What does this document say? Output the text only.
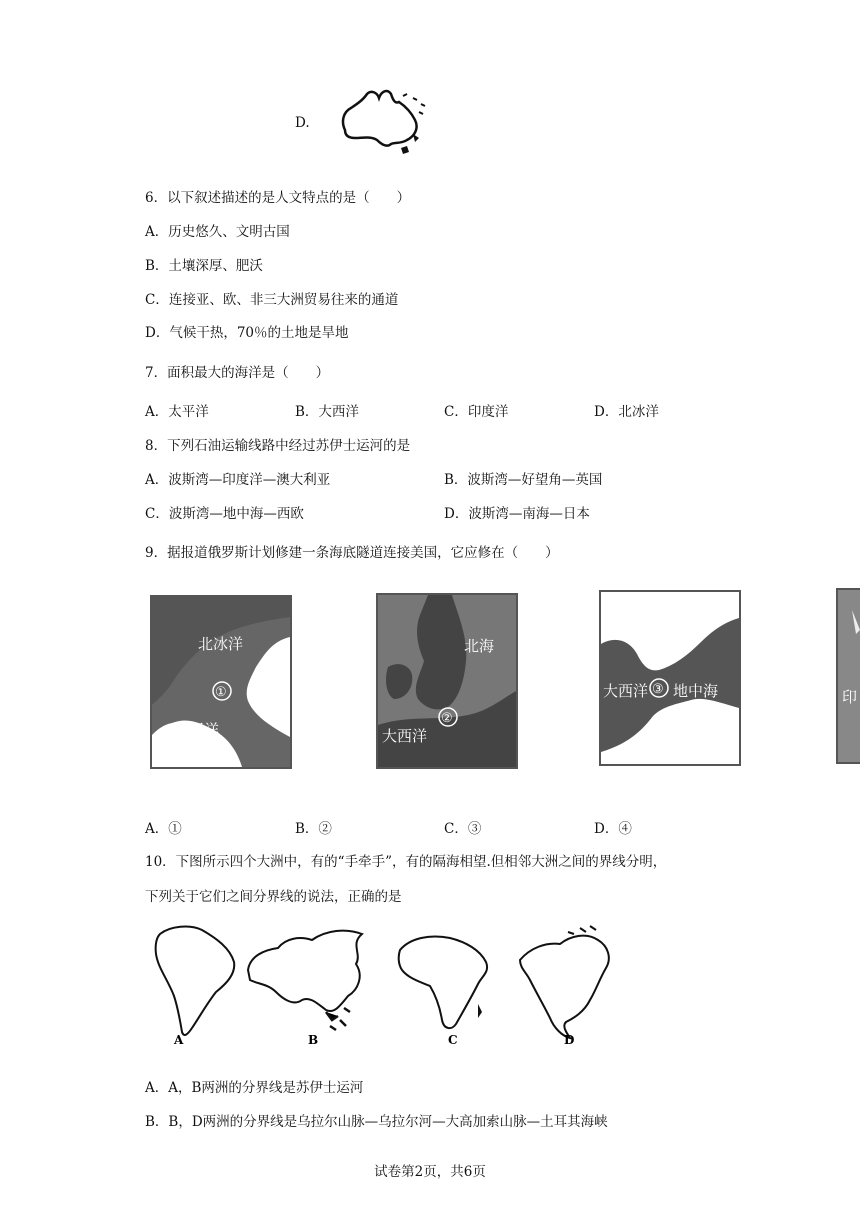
D.
6．以下叙述描述的是人文特点的是（　　）
A．历史悠久、文明古国
B．土壤深厚、肥沃
C．连接亚、欧、非三大洲贸易往来的通道
D．气候干热，70％的土地是旱地
7．面积最大的海洋是（　　）
A．太平洋	B．大西洋	C．印度洋	D．北冰洋
8．下列石油运输线路中经过苏伊士运河的是
A．波斯湾—印度洋—澳大利亚	B．波斯湾—好望角—英国
C．波斯湾—地中海—西欧	D．波斯湾—南海—日本
9．据报道俄罗斯计划修建一条海底隧道连接美国，它应修在（　　）
北冰洋
①
太平洋
北海
大西洋
②
大西洋 ③ 地中海	印
A．①	B．②	C．③	D．④
10．下图所示四个大洲中，有的“手牵手”，有的隔海相望.但相邻大洲之间的界线分明，
下列关于它们之间分界线的说法，正确的是
A	B	C	D
A．A，B两洲的分界线是苏伊士运河
B．B，D两洲的分界线是乌拉尔山脉—乌拉尔河—大高加索山脉—土耳其海峡
试卷第2页，共6页
